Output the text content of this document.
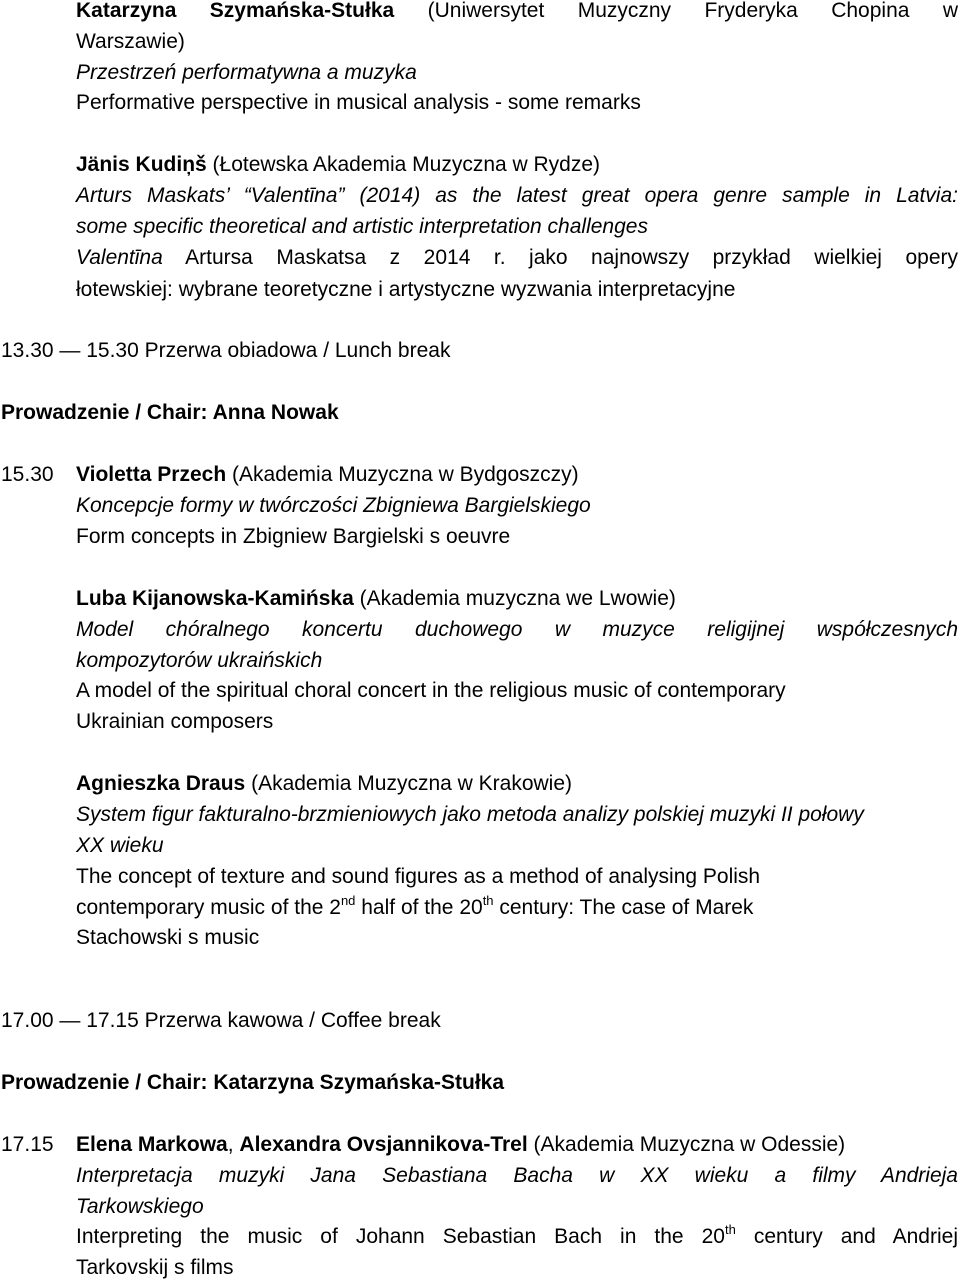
Katarzyna Szymańska-Stułka (Uniwersytet Muzyczny Fryderyka Chopina w

Warszawie)

Przestrzeń performatywna a muzyka

Performative perspective in musical analysis - some remarks

Jänis Kudiņš (Łotewska Akademia Muzyczna w Rydze)

Arturs Maskats’ “Valentīna” (2014) as the latest great opera genre sample in Latvia:

some specific theoretical and artistic interpretation challenges

Valentīna Artursa Maskatsa z 2014 r. jako najnowszy przykład wielkiej opery

łotewskiej: wybrane teoretyczne i artystyczne wyzwania interpretacyjne

13.30 — 15.30 Przerwa obiadowa / Lunch break

Prowadzenie / Chair: Anna Nowak

15.30 Violetta Przech (Akademia Muzyczna w Bydgoszczy)

Koncepcje formy w twórczości Zbigniewa Bargielskiego

Form concepts in Zbigniew Bargielski s oeuvre

Luba Kijanowska-Kamińska (Akademia muzyczna we Lwowie)

Model chóralnego koncertu duchowego w muzyce religijnej współczesnych

kompozytorów ukraińskich

A model of the spiritual choral concert in the religious music of contemporary

Ukrainian composers

Agnieszka Draus (Akademia Muzyczna w Krakowie)

System figur fakturalno-brzmieniowych jako metoda analizy polskiej muzyki II połowy

XX wieku

The concept of texture and sound figures as a method of analysing Polish

contemporary music of the 2nd half of the 20th century: The case of Marek

Stachowski s music

17.00 — 17.15 Przerwa kawowa / Coffee break

Prowadzenie / Chair: Katarzyna Szymańska-Stułka

17.15 Elena Markowa, Alexandra Ovsjannikova-Trel (Akademia Muzyczna w Odessie)

Interpretacja muzyki Jana Sebastiana Bacha w XX wieku a filmy Andrieja

Tarkowskiego

Interpreting the music of Johann Sebastian Bach in the 20th century and Andriej

Tarkovskij s films
